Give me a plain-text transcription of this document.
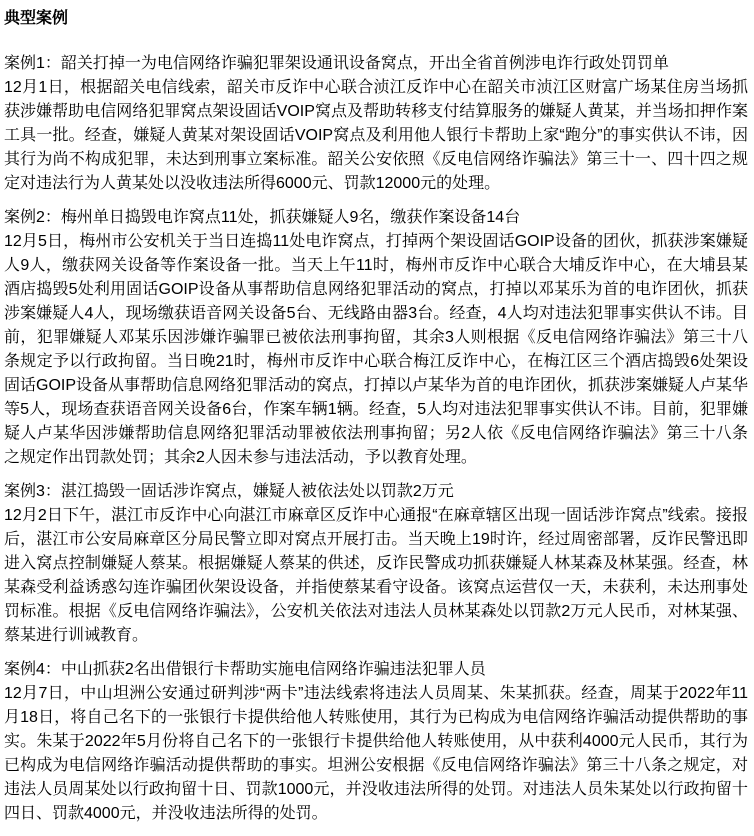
典型案例

案例1：韶关打掉一为电信网络诈骗犯罪架设通讯设备窝点，开出全省首例涉电诈行政处罚罚单

12月1日，根据韶关电信线索，韶关市反诈中心联合浈江反诈中心在韶关市浈江区财富广场某住房当场抓获涉嫌帮助电信网络犯罪窝点架设固话VOIP窝点及帮助转移支付结算服务的嫌疑人黄某，并当场扣押作案工具一批。经查，嫌疑人黄某对架设固话VOIP窝点及利用他人银行卡帮助上家“跑分”的事实供认不讳，因其行为尚不构成犯罪，未达到刑事立案标准。韶关公安依照《反电信网络诈骗法》第三十一、四十四之规定对违法行为人黄某处以没收违法所得6000元、罚款12000元的处理。

案例2：梅州单日捣毁电诈窝点11处，抓获嫌疑人9名，缴获作案设备14台

12月5日，梅州市公安机关于当日连捣11处电诈窝点，打掉两个架设固话GOIP设备的团伙，抓获涉案嫌疑人9人，缴获网关设备等作案设备一批。当天上午11时，梅州市反诈中心联合大埔反诈中心，在大埔县某酒店捣毁5处利用固话GOIP设备从事帮助信息网络犯罪活动的窝点，打掉以邓某乐为首的电诈团伙，抓获涉案嫌疑人4人，现场缴获语音网关设备5台、无线路由器3台。经查，4人均对违法犯罪事实供认不讳。目前，犯罪嫌疑人邓某乐因涉嫌诈骗罪已被依法刑事拘留，其余3人则根据《反电信网络诈骗法》第三十八条规定予以行政拘留。当日晚21时，梅州市反诈中心联合梅江反诈中心，在梅江区三个酒店捣毁6处架设固话GOIP设备从事帮助信息网络犯罪活动的窝点，打掉以卢某华为首的电诈团伙，抓获涉案嫌疑人卢某华等5人，现场查获语音网关设备6台，作案车辆1辆。经查，5人均对违法犯罪事实供认不讳。目前，犯罪嫌疑人卢某华因涉嫌帮助信息网络犯罪活动罪被依法刑事拘留；另2人依《反电信网络诈骗法》第三十八条之规定作出罚款处罚；其余2人因未参与违法活动，予以教育处理。

案例3：湛江捣毁一固话涉诈窝点，嫌疑人被依法处以罚款2万元

12月2日下午，湛江市反诈中心向湛江市麻章区反诈中心通报“在麻章辖区出现一固话涉诈窝点”线索。接报后，湛江市公安局麻章区分局民警立即对窝点开展打击。当天晚上19时许，经过周密部署，反诈民警迅即进入窝点控制嫌疑人蔡某。根据嫌疑人蔡某的供述，反诈民警成功抓获嫌疑人林某森及林某强。经查，林某森受利益诱惑勾连诈骗团伙架设设备，并指使蔡某看守设备。该窝点运营仅一天，未获利，未达刑事处罚标准。根据《反电信网络诈骗法》，公安机关依法对违法人员林某森处以罚款2万元人民币，对林某强、蔡某进行训诫教育。

案例4：中山抓获2名出借银行卡帮助实施电信网络诈骗违法犯罪人员

12月7日，中山坦洲公安通过研判涉“两卡”违法线索将违法人员周某、朱某抓获。经查，周某于2022年11月18日，将自己名下的一张银行卡提供给他人转账使用，其行为已构成为电信网络诈骗活动提供帮助的事实。朱某于2022年5月份将自己名下的一张银行卡提供给他人转账使用，从中获利4000元人民币，其行为已构成为电信网络诈骗活动提供帮助的事实。坦洲公安根据《反电信网络诈骗法》第三十八条之规定，对违法人员周某处以行政拘留十日、罚款1000元，并没收违法所得的处罚。对违法人员朱某处以行政拘留十四日、罚款4000元，并没收违法所得的处罚。
